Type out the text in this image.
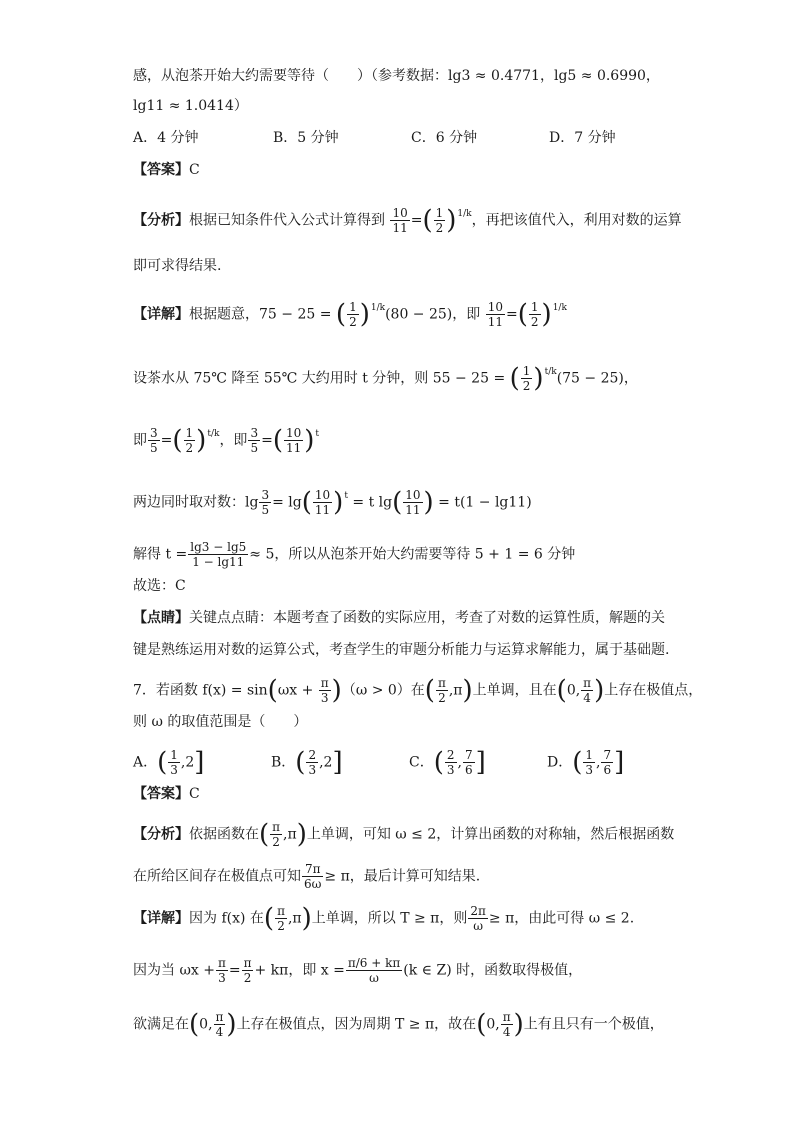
感，从泡茶开始大约需要等待（　　）（参考数据：lg3 ≈ 0.4771，lg5 ≈ 0.6990，
lg11 ≈ 1.0414）
A．4 分钟	B．5 分钟	C．6 分钟	D．7 分钟
【答案】C
【分析】根据已知条件代入公式计算得到 $\frac{10}{11}$ =( $\frac{1}{2} )^{1/k}$，再把该值代入，利用对数的运算
即可求得结果.
【详解】根据题意，75 − 25 = ( $\frac{1}{2} )^{1/k}(80 - 25)$，即 $\frac{10}{11}$ =( $\frac{1}{2} )^{1/k}$
设茶水从 75℃ 降至 55℃ 大约用时 t 分钟，则 55 − 25 = ( $\frac{1}{2} )^{t/k}(75 - 25)$，
即 $\frac{3}{5}$ =( $\frac{1}{2} )^{t/k}$，即 $\frac{3}{5}$ =( $\frac{10}{11} )^t$
两边同时取对数：$\lg \frac{3}{5} = \lg( \frac{10}{11} )^t = t$ $\lg( \frac{10}{11}$ ) = t(1 − lg11)
解得 $t = \frac{\lg 3 - \lg 5}{1 - \lg 11} \approx 5$，所以从泡茶开始大约需要等待 5 + 1 = 6 分钟
故选：C
【点睛】关键点点睛：本题考查了函数的实际应用，考查了对数的运算性质，解题的关
键是熟练运用对数的运算公式，考查学生的审题分析能力与运算求解能力，属于基础题.
7．若函数 $f(x) = \sin(\omega x + \frac{\pi}{3} )(\omega > 0)$在( $\frac{\pi}{2} ,\pi$)上单调，且在(0, $\frac{\pi}{4}$ )上存在极值点，
则 ω 的取值范围是（　　）
A．( $\frac{1}{3} ,2$]	B．( $\frac{2}{3} ,2$]	C．( $\frac{2}{3}$ , $\frac{7}{6}$ ]	D．( $\frac{1}{3}$ , $\frac{7}{6}$ ]
【答案】C
【分析】依据函数在( $\frac{\pi}{2} ,\pi$)上单调，可知 ω ≤ 2，计算出函数的对称轴，然后根据函数
在所给区间存在极值点可知 $\frac{7\pi}{6\omega} \ge \pi$，最后计算可知结果.
【详解】因为 f(x) 在( $\frac{\pi}{2} ,\pi$)上单调，所以 T ≥ π，则 $\frac{2\pi}{\omega} \ge \pi$，由此可得 ω ≤ 2.
因为当 $\omega x + \frac{\pi}{3} = \frac{\pi}{2} + k\pi$，即 $x = \frac{\pi/6 + k\pi}{\omega} (k$ ∈ Z) 时，函数取得极值，
欲满足在(0, $\frac{\pi}{4}$ )上存在极值点，因为周期 T ≥ π，故在(0, $\frac{\pi}{4}$ )上有且只有一个极值，
